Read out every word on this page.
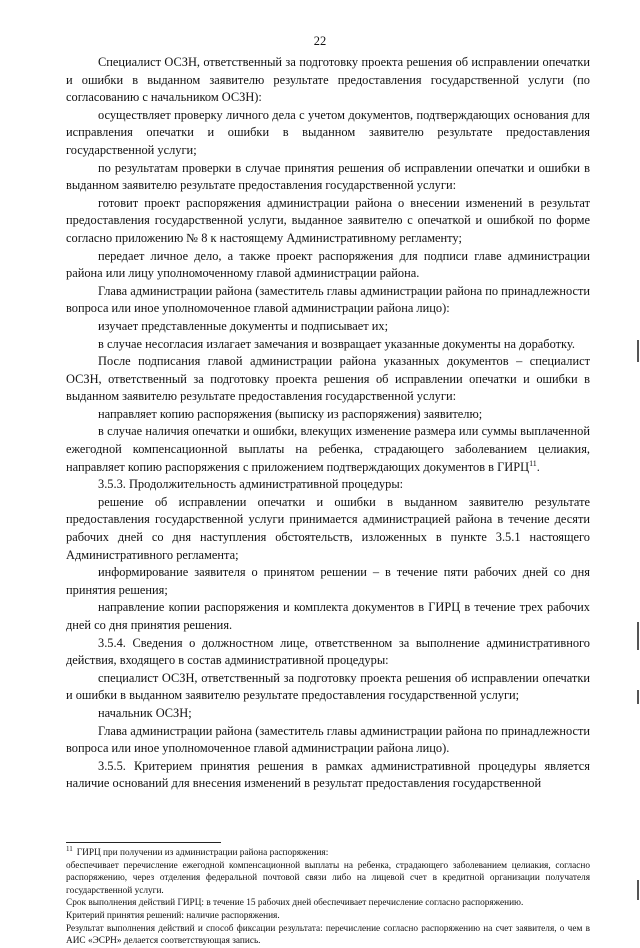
22

Специалист ОСЗН, ответственный за подготовку проекта решения об исправлении опечатки и ошибки в выданном заявителю результате предоставления государственной услуги (по согласованию с начальником ОСЗН):

осуществляет проверку личного дела с учетом документов, подтверждающих основания для исправления опечатки и ошибки в выданном заявителю результате предоставления государственной услуги;

по результатам проверки в случае принятия решения об исправлении опечатки и ошибки в выданном заявителю результате предоставления государственной услуги:

готовит проект распоряжения администрации района о внесении изменений в результат предоставления государственной услуги, выданное заявителю с опечаткой и ошибкой по форме согласно приложению № 8 к настоящему Административному регламенту;

передает личное дело, а также проект распоряжения для подписи главе администрации района или лицу уполномоченному главой администрации района.

Глава администрации района (заместитель главы администрации района по принадлежности вопроса или иное уполномоченное главой администрации района лицо):

изучает представленные документы и подписывает их;

в случае несогласия излагает замечания и возвращает указанные документы на доработку.

После подписания главой администрации района указанных документов – специалист ОСЗН, ответственный за подготовку проекта решения об исправлении опечатки и ошибки в выданном заявителю результате предоставления государственной услуги:

направляет копию распоряжения (выписку из распоряжения) заявителю;

в случае наличия опечатки и ошибки, влекущих изменение размера или суммы выплаченной ежегодной компенсационной выплаты на ребенка, страдающего заболеванием целиакия, направляет копию распоряжения с приложением подтверждающих документов в ГИРЦ$^{11}$.

3.5.3. Продолжительность административной процедуры:

решение об исправлении опечатки и ошибки в выданном заявителю результате предоставления государственной услуги принимается администрацией района в течение десяти рабочих дней со дня наступления обстоятельств, изложенных в пункте 3.5.1 настоящего Административного регламента;

информирование заявителя о принятом решении – в течение пяти рабочих дней со дня принятия решения;

направление копии распоряжения и комплекта документов в ГИРЦ в течение трех рабочих дней со дня принятия решения.

3.5.4. Сведения о должностном лице, ответственном за выполнение административного действия, входящего в состав административной процедуры:

специалист ОСЗН, ответственный за подготовку проекта решения об исправлении опечатки и ошибки в выданном заявителю результате предоставления государственной услуги;

начальник ОСЗН;

Глава администрации района (заместитель главы администрации района по принадлежности вопроса или иное уполномоченное главой администрации района лицо).

3.5.5. Критерием принятия решения в рамках административной процедуры является наличие оснований для внесения изменений в результат предоставления государственной

$^{11}$ ГИРЦ при получении из администрации района распоряжения:

обеспечивает перечисление ежегодной компенсационной выплаты на ребенка, страдающего заболеванием целиакия, согласно распоряжению, через отделения федеральной почтовой связи либо на лицевой счет в кредитной организации получателя государственной услуги.

Срок выполнения действий ГИРЦ: в течение 15 рабочих дней обеспечивает перечисление согласно распоряжению.

Критерий принятия решений: наличие распоряжения.

Результат выполнения действий и способ фиксации результата: перечисление согласно распоряжению на счет заявителя, о чем в АИС «ЭСРН» делается соответствующая запись.
